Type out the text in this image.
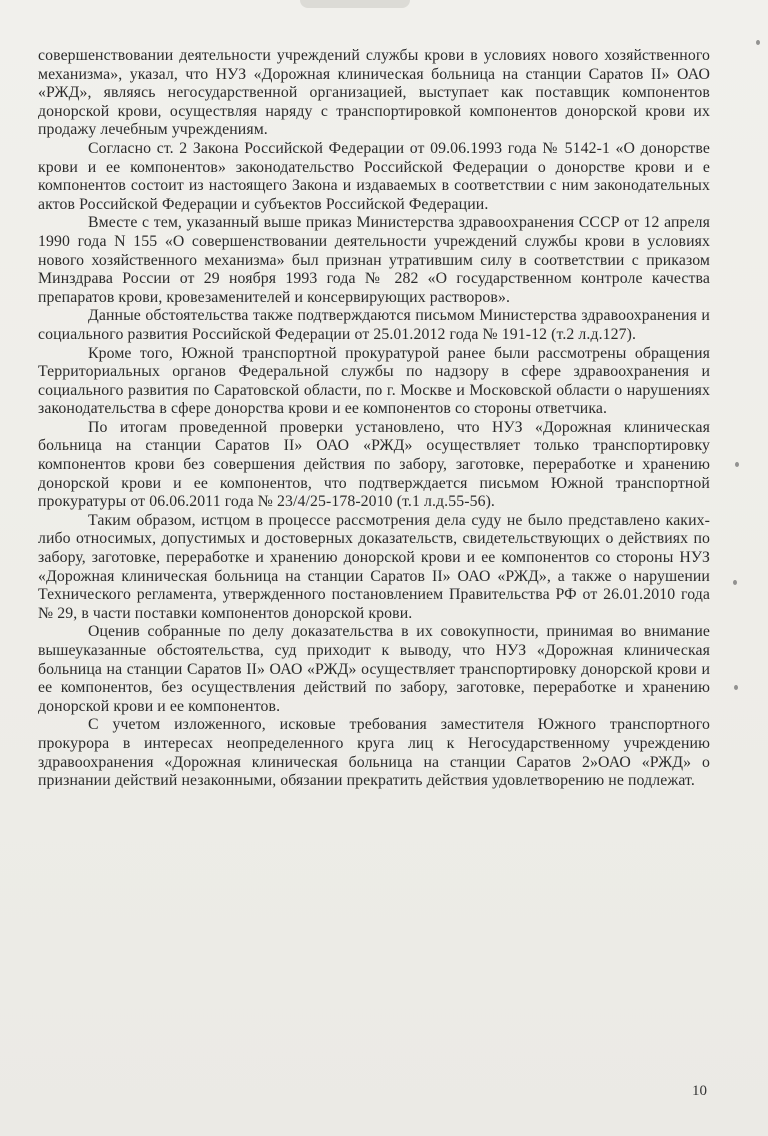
совершенствовании деятельности учреждений службы крови в условиях нового хозяйственного механизма», указал, что НУЗ «Дорожная клиническая больница на станции Саратов II» ОАО «РЖД», являясь негосударственной организацией, выступает как поставщик компонентов донорской крови, осуществляя наряду с транспортировкой компонентов донорской крови их продажу лечебным учреждениям.

Согласно ст. 2 Закона Российской Федерации от 09.06.1993 года № 5142-1 «О донорстве крови и ее компонентов» законодательство Российской Федерации о донорстве крови и е компонентов состоит из настоящего Закона и издаваемых в соответствии с ним законодательных актов Российской Федерации и субъектов Российской Федерации.

Вместе с тем, указанный выше приказ Министерства здравоохранения СССР от 12 апреля 1990 года N 155 «О совершенствовании деятельности учреждений службы крови в условиях нового хозяйственного механизма» был признан утратившим силу в соответствии с приказом Минздрава России от 29 ноября 1993 года № 282 «О государственном контроле качества препаратов крови, кровезаменителей и консервирующих растворов».

Данные обстоятельства также подтверждаются письмом Министерства здравоохранения и социального развития Российской Федерации от 25.01.2012 года № 191-12 (т.2 л.д.127).

Кроме того, Южной транспортной прокуратурой ранее были рассмотрены обращения Территориальных органов Федеральной службы по надзору в сфере здравоохранения и социального развития по Саратовской области, по г. Москве и Московской области о нарушениях законодательства в сфере донорства крови и ее компонентов со стороны ответчика.

По итогам проведенной проверки установлено, что НУЗ «Дорожная клиническая больница на станции Саратов II» ОАО «РЖД» осуществляет только транспортировку компонентов крови без совершения действия по забору, заготовке, переработке и хранению донорской крови и ее компонентов, что подтверждается письмом Южной транспортной прокуратуры от 06.06.2011 года № 23/4/25-178-2010 (т.1 л.д.55-56).

Таким образом, истцом в процессе рассмотрения дела суду не было представлено каких-либо относимых, допустимых и достоверных доказательств, свидетельствующих о действиях по забору, заготовке, переработке и хранению донорской крови и ее компонентов со стороны НУЗ «Дорожная клиническая больница на станции Саратов II» ОАО «РЖД», а также о нарушении Технического регламента, утвержденного постановлением Правительства РФ от 26.01.2010 года № 29, в части поставки компонентов донорской крови.

Оценив собранные по делу доказательства в их совокупности, принимая во внимание вышеуказанные обстоятельства, суд приходит к выводу, что НУЗ «Дорожная клиническая больница на станции Саратов II» ОАО «РЖД» осуществляет транспортировку донорской крови и ее компонентов, без осуществления действий по забору, заготовке, переработке и хранению донорской крови и ее компонентов.

С учетом изложенного, исковые требования заместителя Южного транспортного прокурора в интересах неопределенного круга лиц к Негосударственному учреждению здравоохранения «Дорожная клиническая больница на станции Саратов 2»ОАО «РЖД» о признании действий незаконными, обязании прекратить действия удовлетворению не подлежат.

10
